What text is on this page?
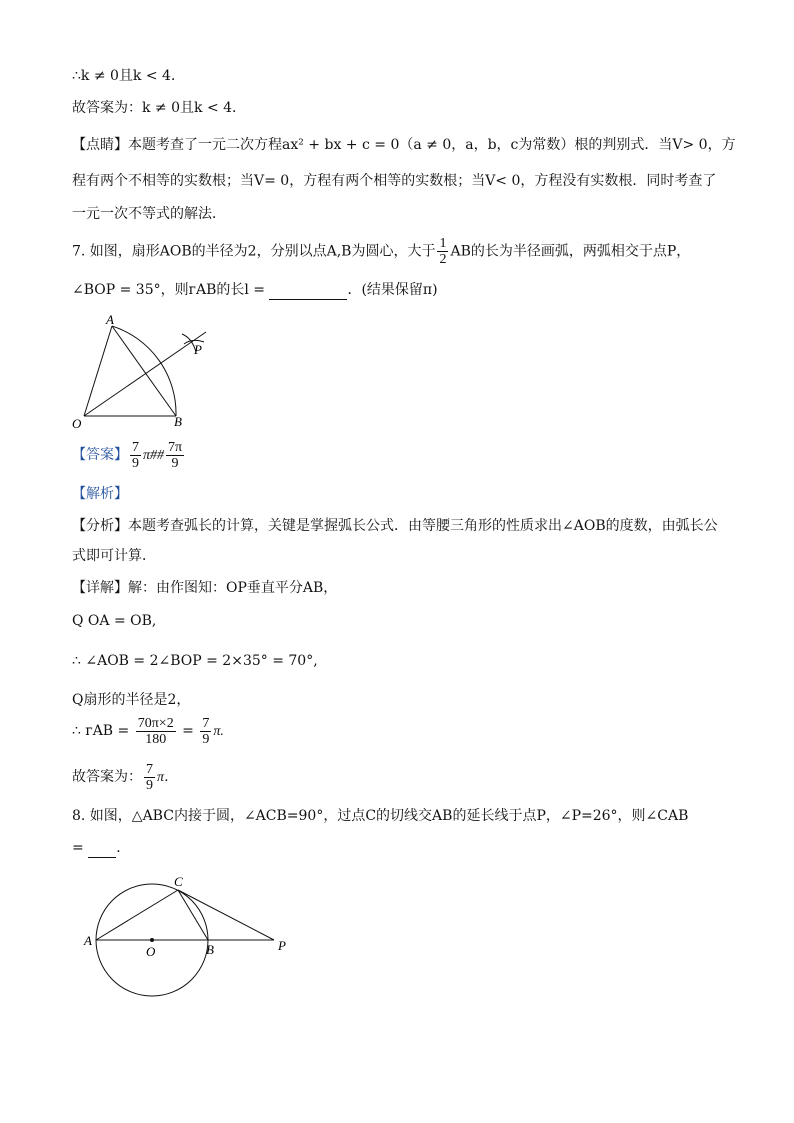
∴k ≠ 0且k < 4．
故答案为：k ≠ 0且k < 4．
【点睛】本题考查了一元二次方程ax² + bx + c = 0（a ≠ 0，a，b，c为常数）根的判别式．当V> 0，方
程有两个不相等的实数根；当V= 0，方程有两个相等的实数根；当V< 0，方程没有实数根．同时考查了
一元一次不等式的解法．
7. 如图，扇形AOB的半径为2，分别以点A,B为圆心，大于 $\frac{1}{2}$ AB的长为半径画弧，两弧相交于点P，
∠BOP = 35°，则ᴦAB的长l =	．(结果保留π)
A
P
O	B
【答案】 $\frac{7}{9}$ π## $\frac{7\pi}{9}$
【解析】
【分析】本题考查弧长的计算，关键是掌握弧长公式．由等腰三角形的性质求出∠AOB的度数，由弧长公
式即可计算．
【详解】解：由作图知：OP垂直平分AB，
Q OA = OB,
∴ ∠AOB = 2∠BOP = 2×35° = 70°,
Q扇形的半径是2，
∴ ᴦAB = $\frac{70\pi\times 2}{180} = \frac{7}{9} \pi$.
故答案为： $\frac{7}{9}$ π．
8. 如图，△ABC内接于圆，∠ACB=90°，过点C的切线交AB的延长线于点P，∠P=26°，则∠CAB
= ．
C
A
O	B	P
